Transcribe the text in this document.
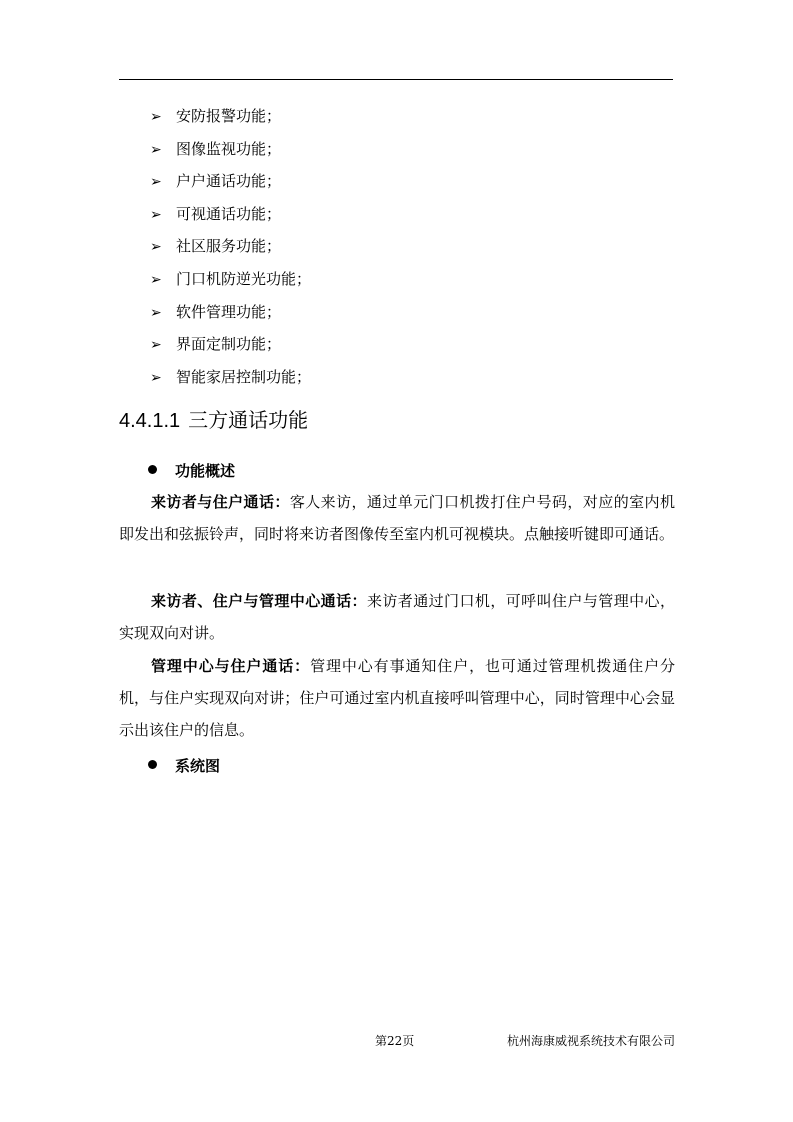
➢ 安防报警功能；
➢ 图像监视功能；
➢ 户户通话功能；
➢ 可视通话功能；
➢ 社区服务功能；
➢ 门口机防逆光功能；
➢ 软件管理功能；
➢ 界面定制功能；
➢ 智能家居控制功能；
4.4.1.1 三方通话功能
功能概述

来访者与住户通话：客人来访，通过单元门口机拨打住户号码，对应的室内机即发出和弦振铃声，同时将来访者图像传至室内机可视模块。点触接听键即可通话。

来访者、住户与管理中心通话：来访者通过门口机，可呼叫住户与管理中心，实现双向对讲。

管理中心与住户通话：管理中心有事通知住户，也可通过管理机拨通住户分机，与住户实现双向对讲；住户可通过室内机直接呼叫管理中心，同时管理中心会显示出该住户的信息。

系统图
第22页	杭州海康威视系统技术有限公司
